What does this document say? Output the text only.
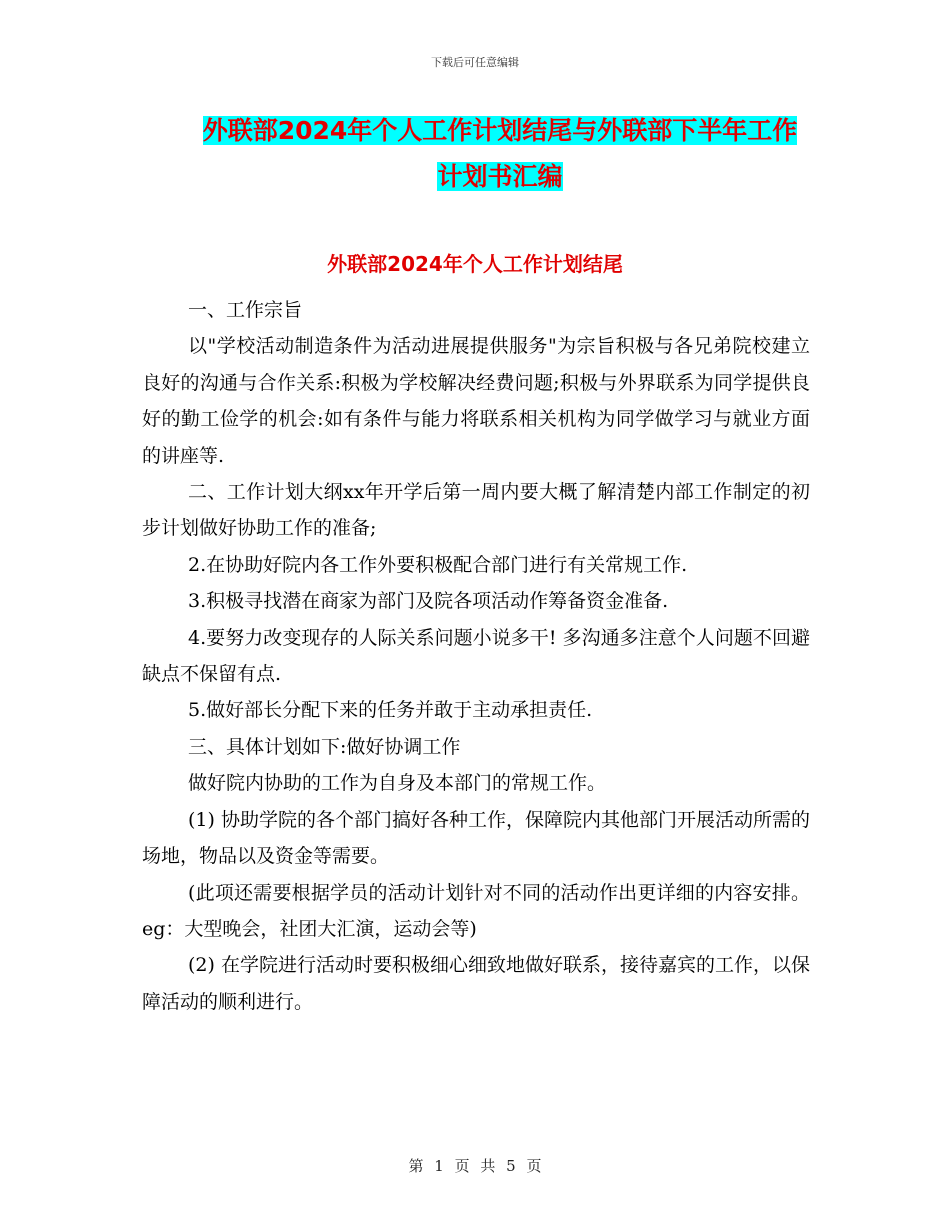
下载后可任意编辑
外联部2024年个人工作计划结尾与外联部下半年工作
计划书汇编
外联部2024年个人工作计划结尾

一、工作宗旨

以"学校活动制造条件为活动进展提供服务"为宗旨积极与各兄弟院校建立良好的沟通与合作关系:积极为学校解决经费问题;积极与外界联系为同学提供良好的勤工俭学的机会:如有条件与能力将联系相关机构为同学做学习与就业方面的讲座等.

二、工作计划大纲xx年开学后第一周内要大概了解清楚内部工作制定的初步计划做好协助工作的准备;

2.在协助好院内各工作外要积极配合部门进行有关常规工作.

3.积极寻找潜在商家为部门及院各项活动作筹备资金准备.

4.要努力改变现存的人际关系问题小说多干! 多沟通多注意个人问题不回避缺点不保留有点.

5.做好部长分配下来的任务并敢于主动承担责任.

三、具体计划如下:做好协调工作

做好院内协助的工作为自身及本部门的常规工作。

(1) 协助学院的各个部门搞好各种工作，保障院内其他部门开展活动所需的场地，物品以及资金等需要。

(此项还需要根据学员的活动计划针对不同的活动作出更详细的内容安排。eg：大型晚会，社团大汇演，运动会等)

(2) 在学院进行活动时要积极细心细致地做好联系，接待嘉宾的工作，以保障活动的顺利进行。

第 1 页 共 5 页
